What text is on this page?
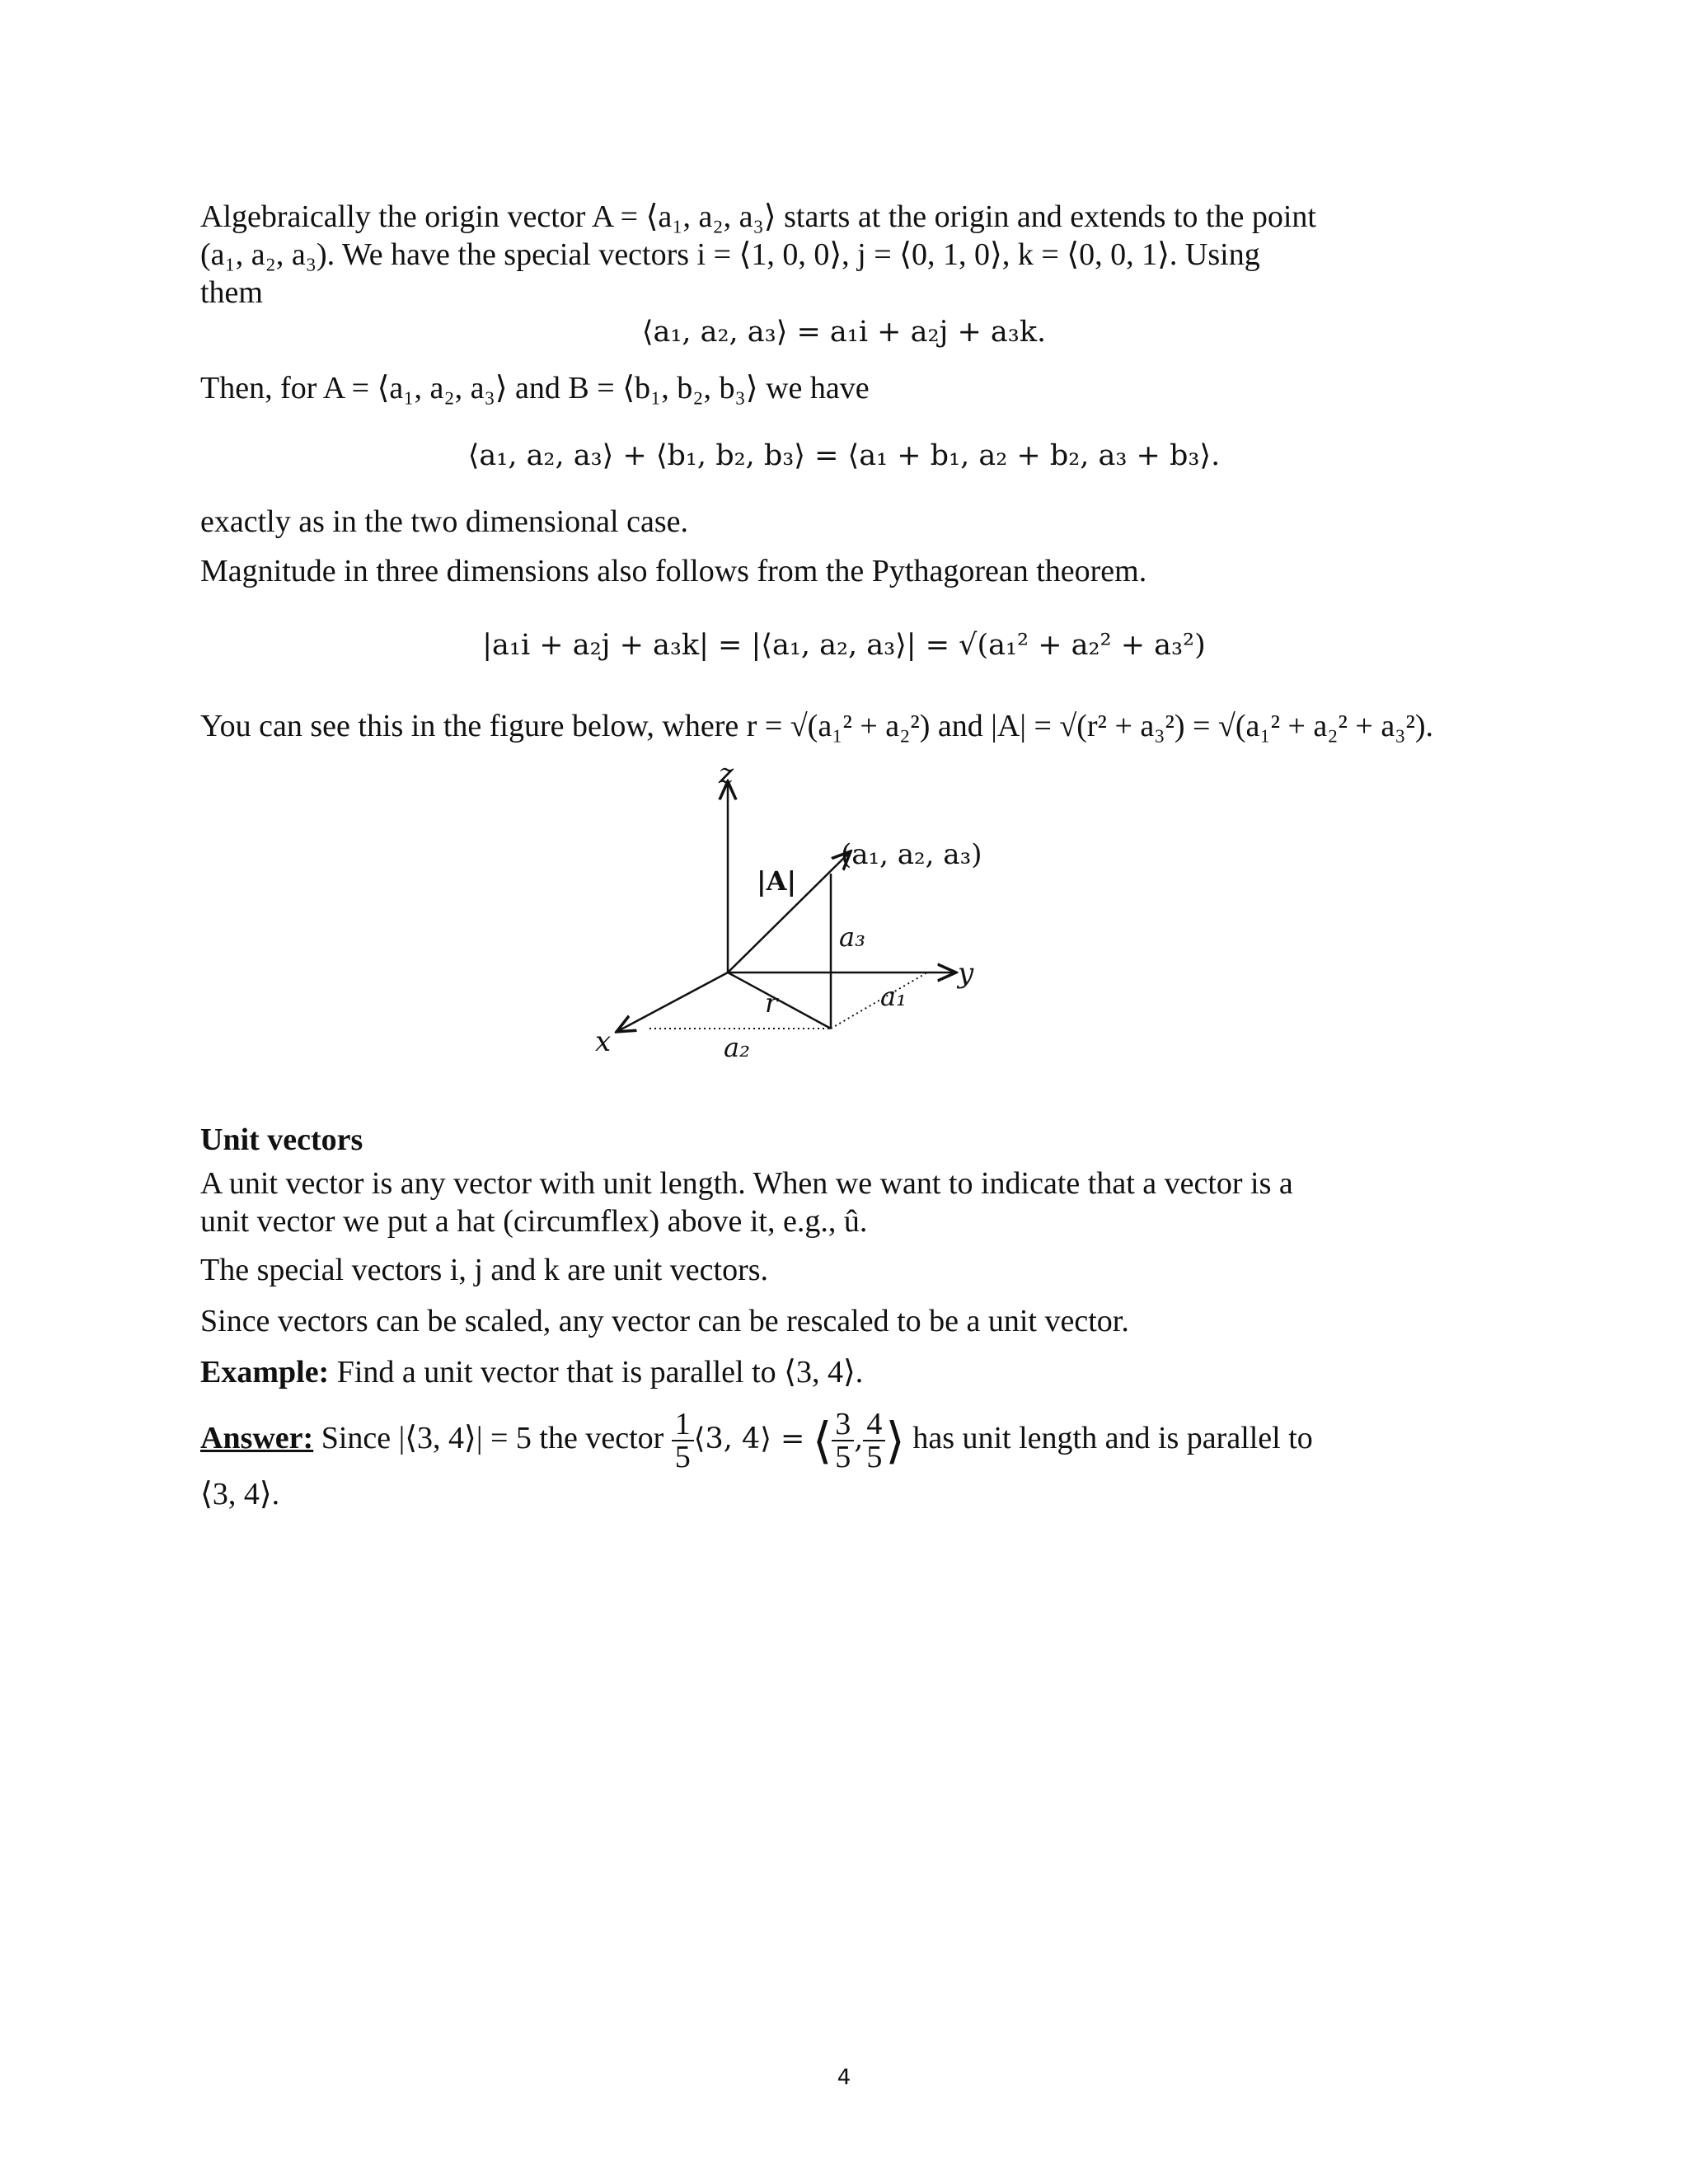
Algebraically the origin vector A = ⟨a₁, a₂, a₃⟩ starts at the origin and extends to the point
(a₁, a₂, a₃). We have the special vectors i = ⟨1, 0, 0⟩, j = ⟨0, 1, 0⟩, k = ⟨0, 0, 1⟩. Using
them
⟨a₁, a₂, a₃⟩ = a₁i + a₂j + a₃k.
Then, for A = ⟨a₁, a₂, a₃⟩ and B = ⟨b₁, b₂, b₃⟩ we have
⟨a₁, a₂, a₃⟩ + ⟨b₁, b₂, b₃⟩ = ⟨a₁ + b₁, a₂ + b₂, a₃ + b₃⟩.
exactly as in the two dimensional case.
Magnitude in three dimensions also follows from the Pythagorean theorem.
|a₁i + a₂j + a₃k| = |⟨a₁, a₂, a₃⟩| = √(a₁² + a₂² + a₃²)
You can see this in the figure below, where r = √(a₁² + a₂²) and |A| = √(r² + a₃²) = √(a₁² + a₂² + a₃²).
z
y
x
(a₁, a₂, a₃)
|A|
a₃
a₁
a₂
r
Unit vectors
A unit vector is any vector with unit length. When we want to indicate that a vector is a
unit vector we put a hat (circumflex) above it, e.g., û.
The special vectors i, j and k are unit vectors.
Since vectors can be scaled, any vector can be rescaled to be a unit vector.
Example: Find a unit vector that is parallel to ⟨3, 4⟩.
Answer: Since |⟨3, 4⟩| = 5 the vector $\frac{1}{5}$ ⟨3, 4⟩ = ⟨ $\frac{3}{5}$ , $\frac{4}{5}$ ⟩ has unit length and is parallel to
⟨3, 4⟩.
4
